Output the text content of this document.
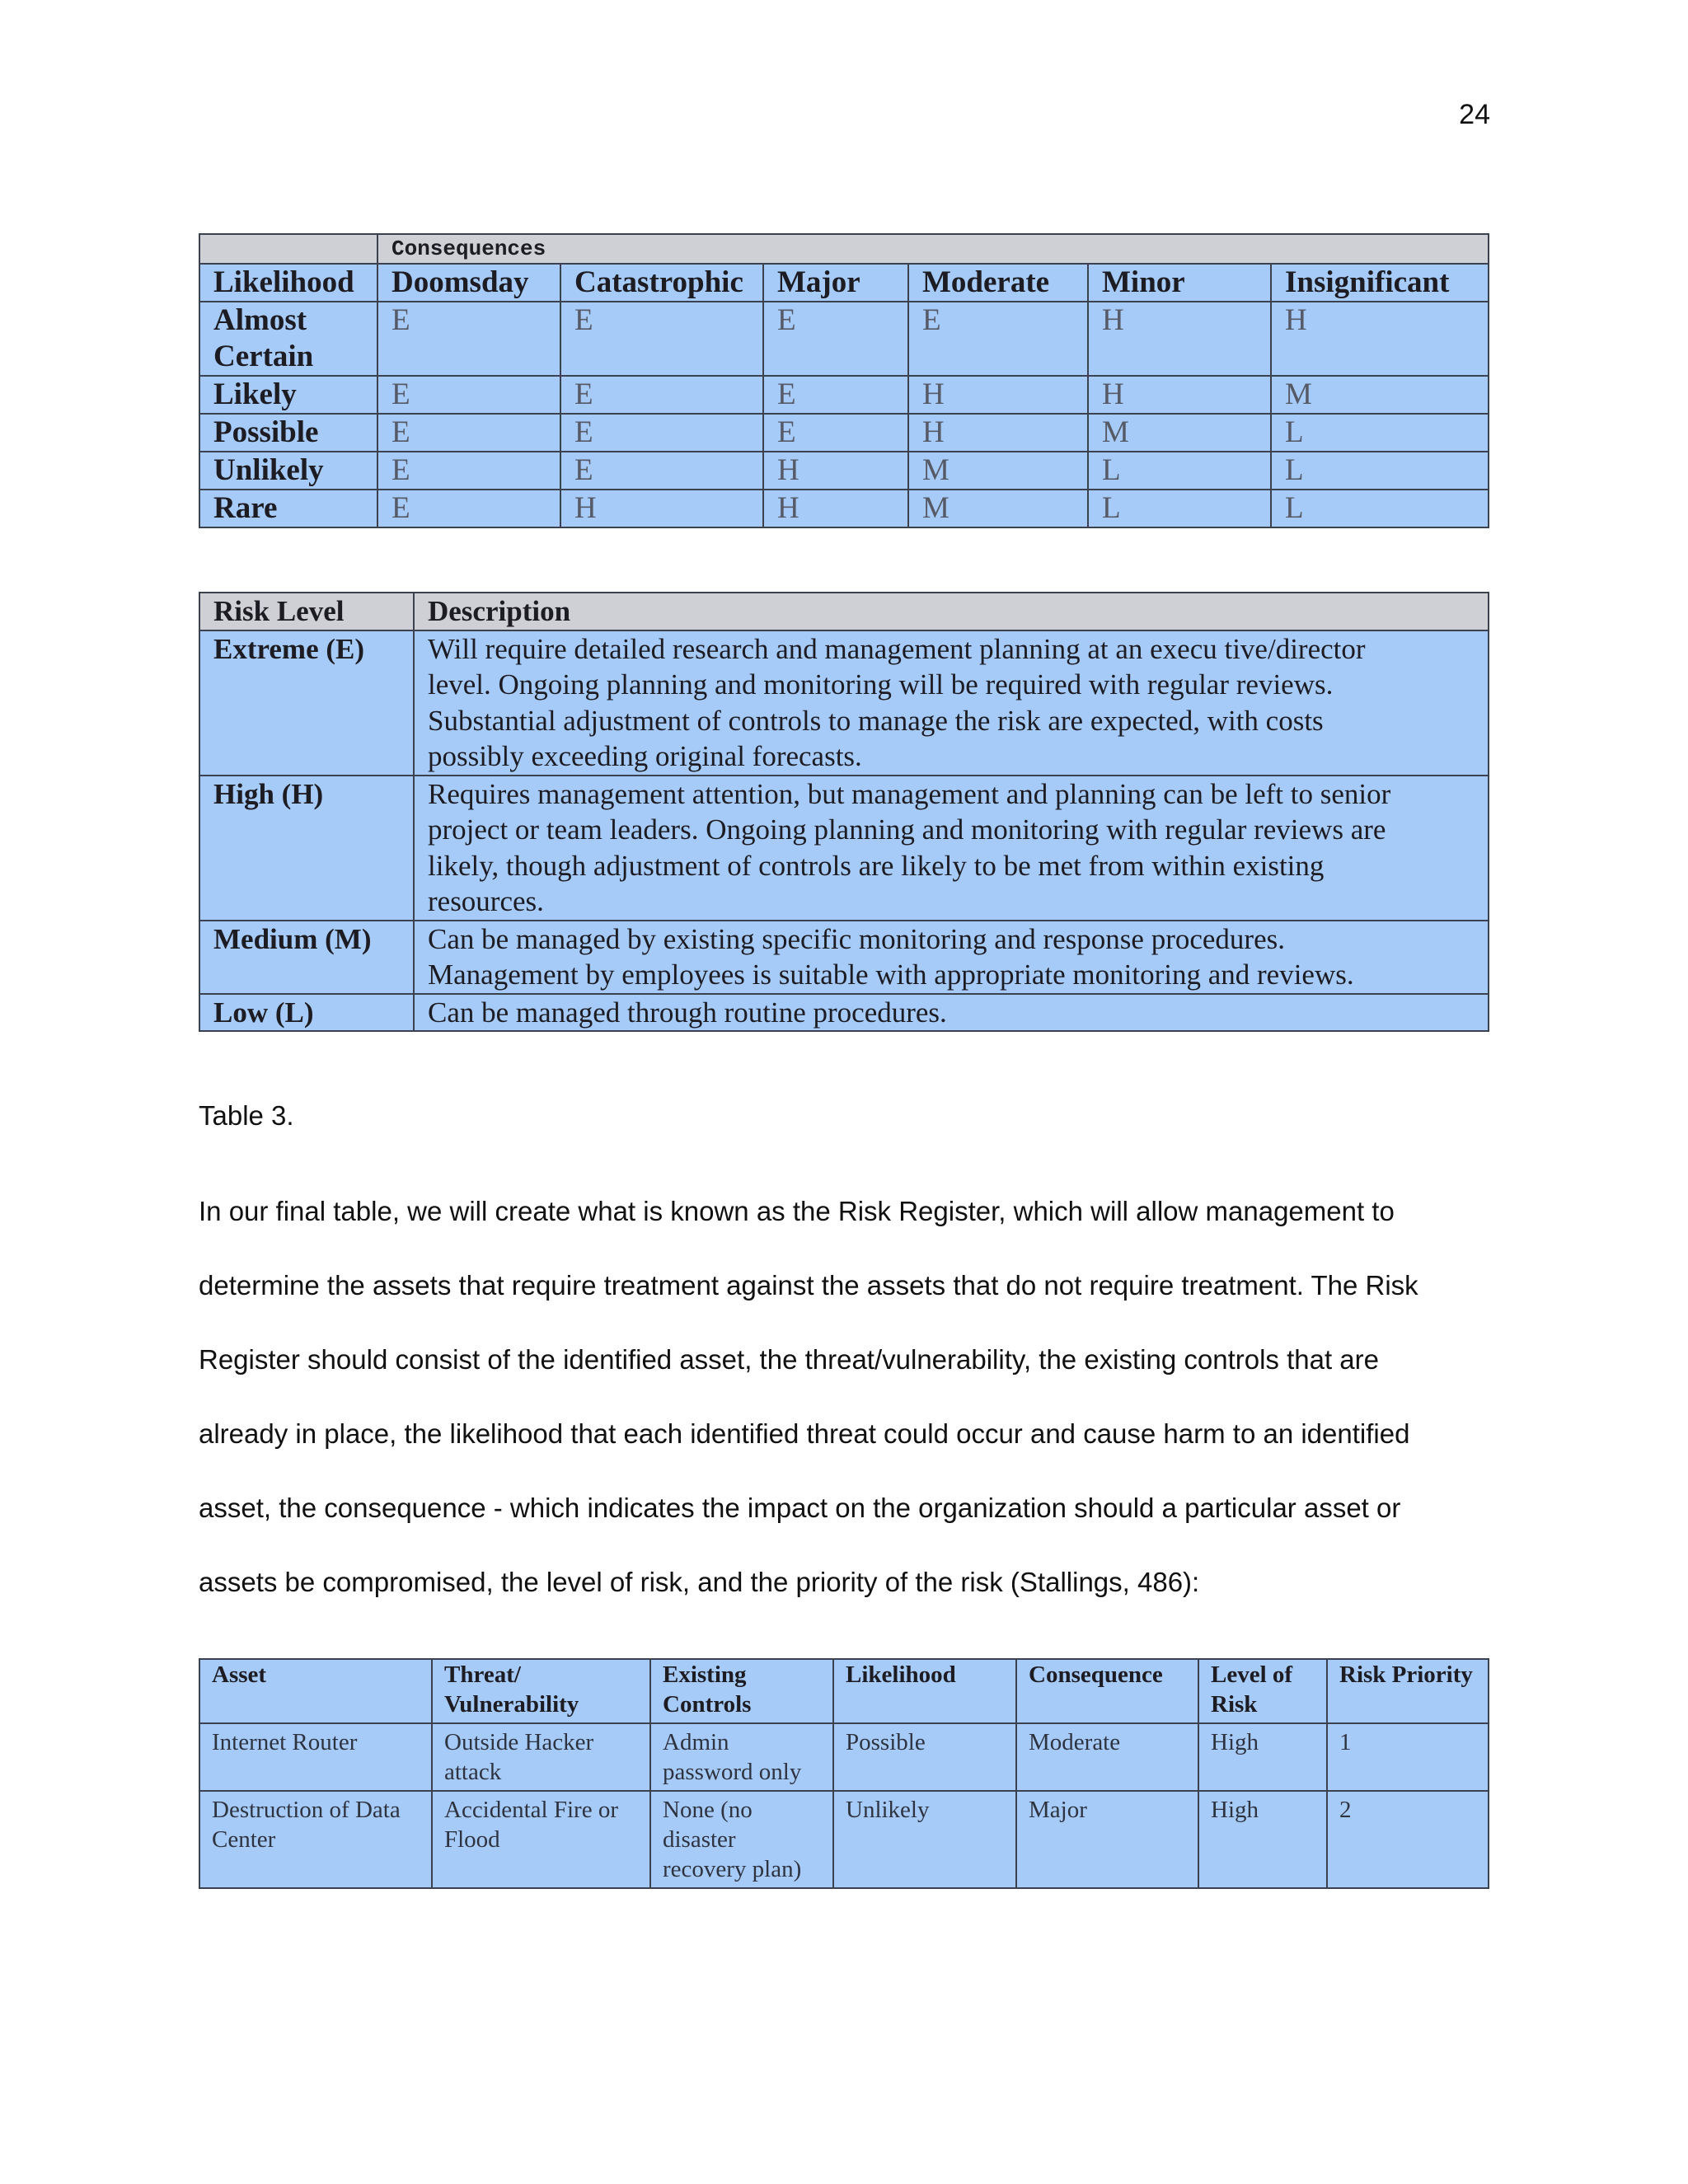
24
	Consequences					
Likelihood	Doomsday	Catastrophic	Major	Moderate	Minor	Insignificant

Almost Certain	E	E	E	E	H	H
Likely	E	E	E	H	H	M
Possible	E	E	E	H	M	L
Unlikely	E	E	H	M	L	L
Rare	E	H	H	M	L	L
Risk Level	Description
Extreme (E)	Will require detailed research and management planning at an execu tive/director
level. Ongoing planning and monitoring will be required with regular reviews.
Substantial adjustment of controls to manage the risk are expected, with costs
possibly exceeding original forecasts.

High (H)	Requires management attention, but management and planning can be left to senior
project or team leaders. Ongoing planning and monitoring with regular reviews are
likely, though adjustment of controls are likely to be met from within existing
resources.

Medium (M)	Can be managed by existing specific monitoring and response procedures.
Management by employees is suitable with appropriate monitoring and reviews.

Low (L)	Can be managed through routine procedures.
Table 3.
In our final table, we will create what is known as the Risk Register, which will allow management to
determine the assets that require treatment against the assets that do not require treatment. The Risk
Register should consist of the identified asset, the threat/vulnerability, the existing controls that are
already in place, the likelihood that each identified threat could occur and cause harm to an identified
asset, the consequence - which indicates the impact on the organization should a particular asset or
assets be compromised, the level of risk, and the priority of the risk (Stallings, 486):
Asset	Threat/ Vulnerability	Existing Controls	Likelihood	Consequence	Level of Risk	Risk Priority
Internet Router	Outside Hacker attack	Admin password only	Possible	Moderate	High	1
Destruction of Data Center	Accidental Fire or Flood	None (no disaster recovery plan)	Unlikely	Major	High	2
